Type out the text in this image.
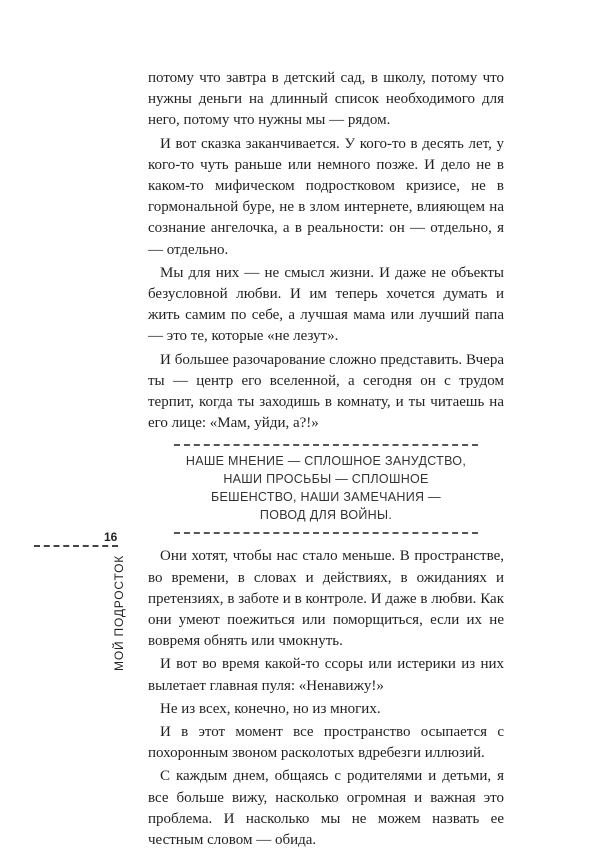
потому что завтра в детский сад, в школу, потому что нужны деньги на длинный список необходимого для него, потому что нужны мы — рядом.

И вот сказка заканчивается. У кого-то в десять лет, у кого-то чуть раньше или немного позже. И дело не в каком-то мифическом подростковом кризисе, не в гормональной буре, не в злом интернете, влияющем на сознание ангелочка, а в реальности: он — отдельно, я — отдельно.

Мы для них — не смысл жизни. И даже не объекты безусловной любви. И им теперь хочется думать и жить самим по себе, а лучшая мама или лучший папа — это те, которые «не лезут».

И большее разочарование сложно представить. Вчера ты — центр его вселенной, а сегодня он с трудом терпит, когда ты заходишь в комнату, и ты читаешь на его лице: «Мам, уйди, а?!»

НАШЕ МНЕНИЕ — СПЛОШНОЕ ЗАНУДСТВО,
НАШИ ПРОСЬБЫ — СПЛОШНОЕ
БЕШЕНСТВО, НАШИ ЗАМЕЧАНИЯ —
ПОВОД ДЛЯ ВОЙНЫ.

Они хотят, чтобы нас стало меньше. В пространстве, во времени, в словах и действиях, в ожиданиях и претензиях, в заботе и в контроле. И даже в любви. Как они умеют поежиться или поморщиться, если их не вовремя обнять или чмокнуть.

И вот во время какой-то ссоры или истерики из них вылетает главная пуля: «Ненавижу!»

Не из всех, конечно, но из многих.

И в этот момент все пространство осыпается с похоронным звоном расколотых вдребезги иллюзий.

С каждым днем, общаясь с родителями и детьми, я все больше вижу, насколько огромная и важная это проблема. И насколько мы не можем назвать ее честным словом — обида.

16
МОЙ ПОДРОСТОК
